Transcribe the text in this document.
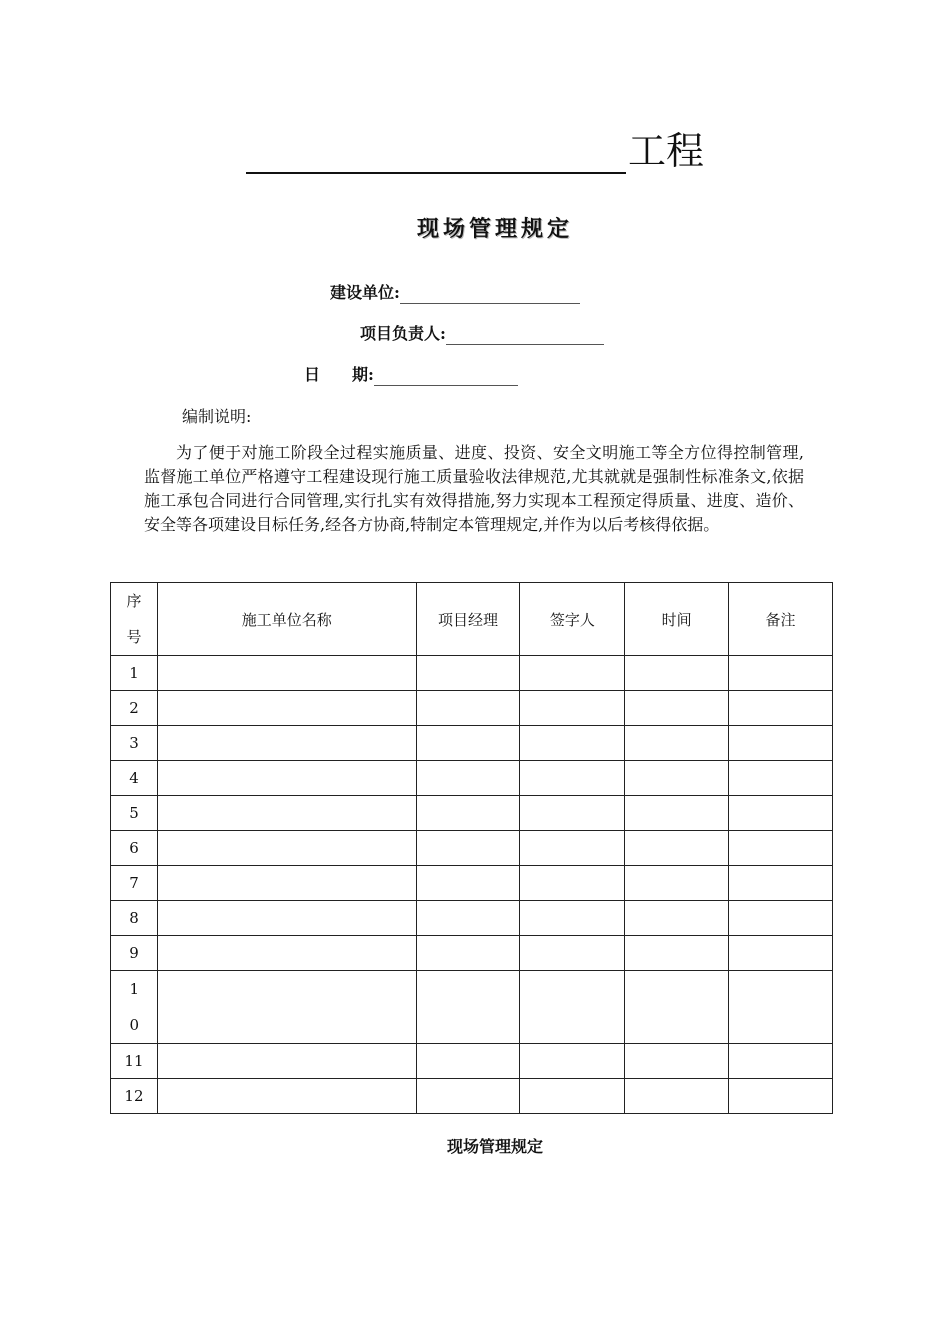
工程
现场管理规定
建设单位:
项目负责人:
日　　期:
编制说明:
为了便于对施工阶段全过程实施质量、进度、投资、安全文明施工等全方位得控制管理,监督施工单位严格遵守工程建设现行施工质量验收法律规范,尤其就就是强制性标准条文,依据施工承包合同进行合同管理,实行扎实有效得措施,努力实现本工程预定得质量、进度、造价、安全等各项建设目标任务,经各方协商,特制定本管理规定,并作为以后考核得依据。
序号	施工单位名称	项目经理	签字人	时间	备注
1					
2					
3					
4					
5					
6					
7					
8					
9					
10					
11					
12					
现场管理规定
